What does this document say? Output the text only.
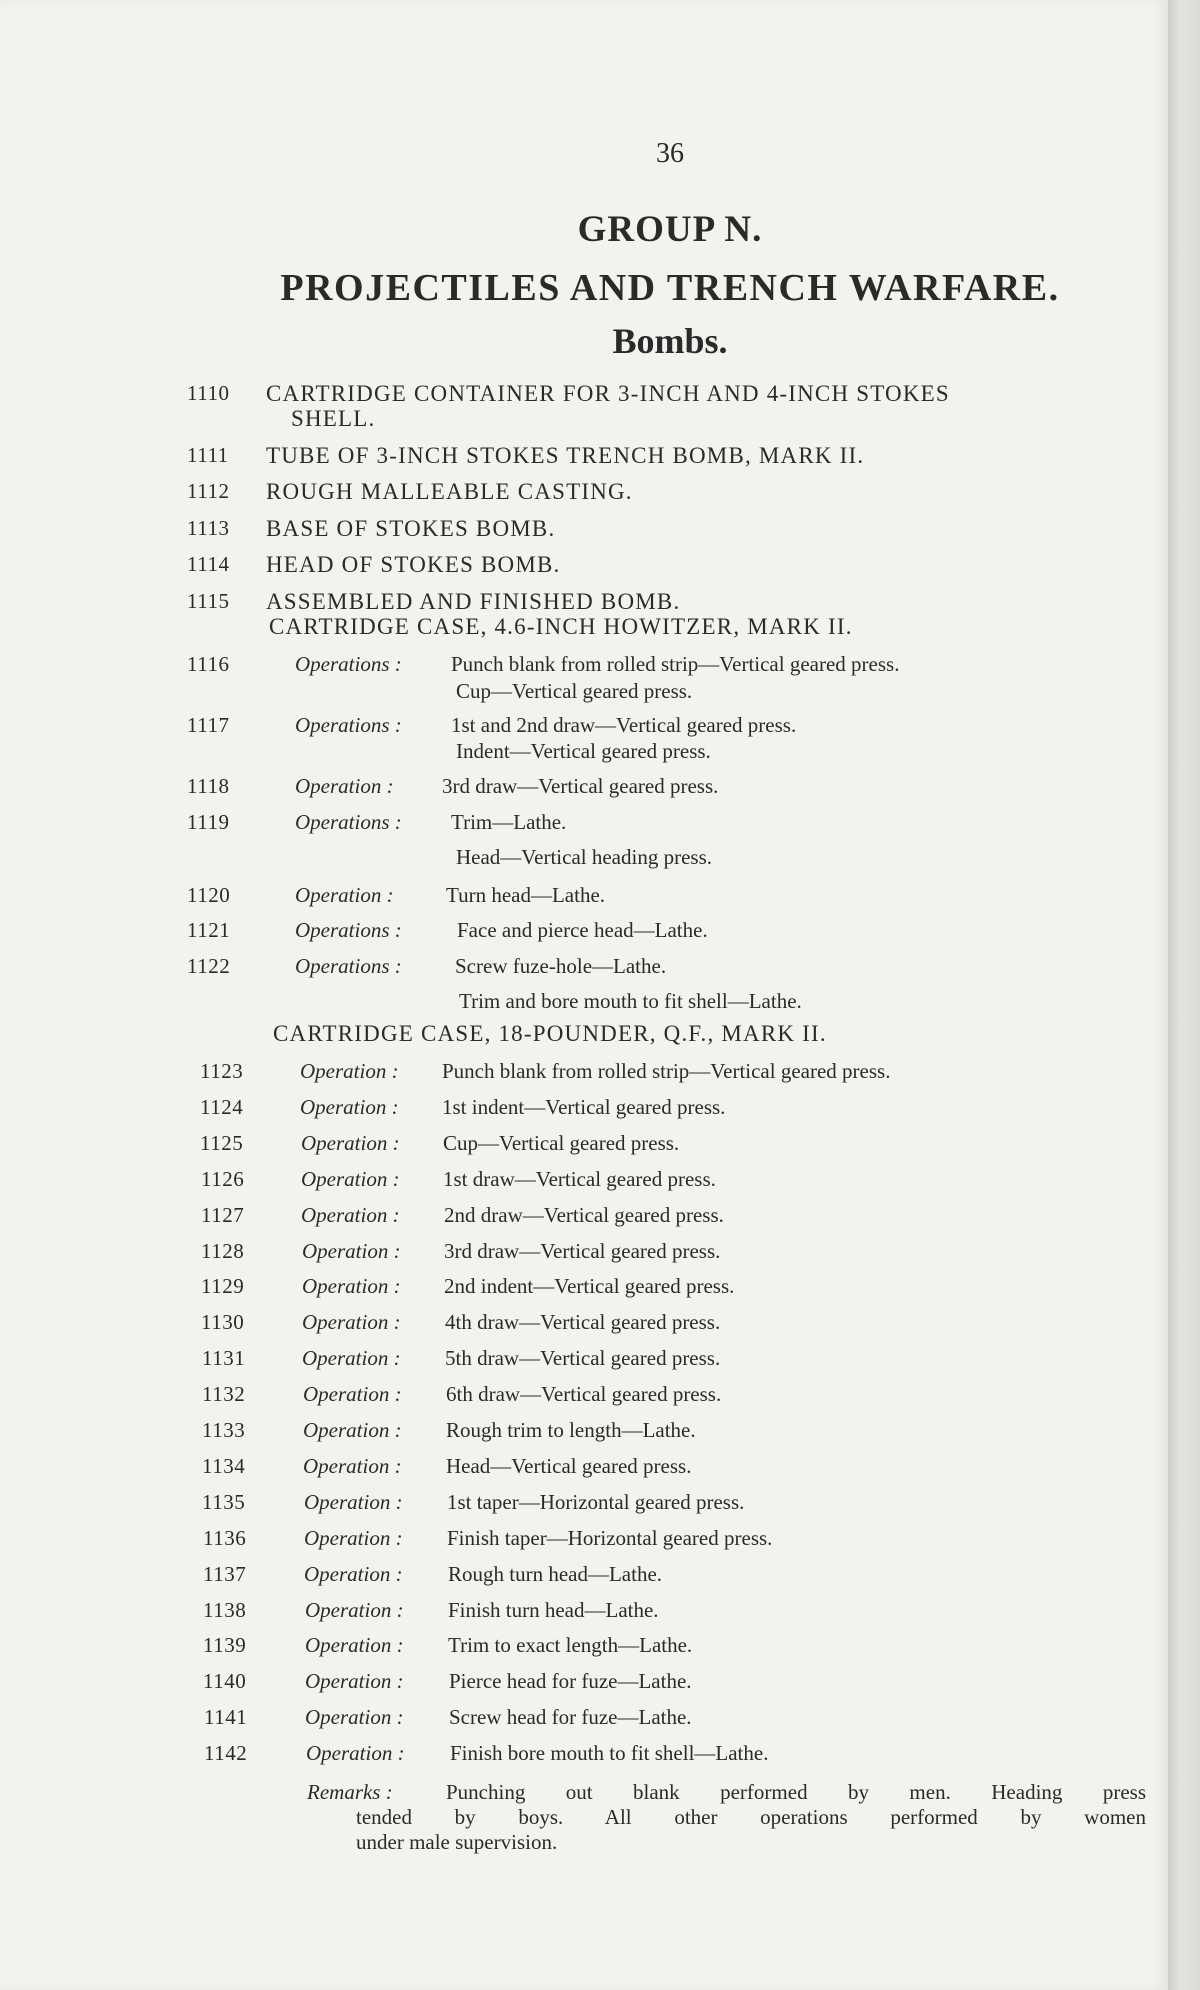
36
GROUP N.
PROJECTILES AND TRENCH WARFARE.
Bombs.
1110 CARTRIDGE CONTAINER FOR 3-INCH AND 4-INCH STOKES
SHELL.
1111 TUBE OF 3-INCH STOKES TRENCH BOMB, MARK II.
1112 ROUGH MALLEABLE CASTING.
1113 BASE OF STOKES BOMB.
1114 HEAD OF STOKES BOMB.
1115 ASSEMBLED AND FINISHED BOMB.
CARTRIDGE CASE, 4.6-INCH HOWITZER, MARK II.
1116	Operations : Punch blank from rolled strip—Vertical geared press.
Cup—Vertical geared press.
1117	Operations : 1st and 2nd draw—Vertical geared press.
Indent—Vertical geared press.
1118	Operation : 3rd draw—Vertical geared press.
1119	Operations : Trim—Lathe.
Head—Vertical heading press.
1120	Operation : Turn head—Lathe.
1121	Operations :	Face and pierce head—Lathe.
1122	Operations :	Screw fuze-hole—Lathe.
Trim and bore mouth to fit shell—Lathe.
CARTRIDGE CASE, 18-POUNDER, Q.F., MARK II.
1123	Operation : Punch blank from rolled strip—Vertical geared press.
1124	Operation : 1st indent—Vertical geared press.
1125	Operation : Cup—Vertical geared press.
1126	Operation : 1st draw—Vertical geared press.
1127	Operation : 2nd draw—Vertical geared press.
1128	Operation : 3rd draw—Vertical geared press.
1129	Operation : 2nd indent—Vertical geared press.
1130	Operation : 4th draw—Vertical geared press.
1131	Operation : 5th draw—Vertical geared press.
1132	Operation : 6th draw—Vertical geared press.
1133	Operation : Rough trim to length—Lathe.
1134	Operation : Head—Vertical geared press.
1135	Operation : 1st taper—Horizontal geared press.
1136	Operation : Finish taper—Horizontal geared press.
1137	Operation : Rough turn head—Lathe.
1138	Operation : Finish turn head—Lathe.
1139	Operation : Trim to exact length—Lathe.
1140	Operation : Pierce head for fuze—Lathe.
1141	Operation : Screw head for fuze—Lathe.
1142	Operation : Finish bore mouth to fit shell—Lathe.
Remarks :	Punching out blank performed by men. Heading press
tended by boys. All other operations performed by women
under male supervision.
